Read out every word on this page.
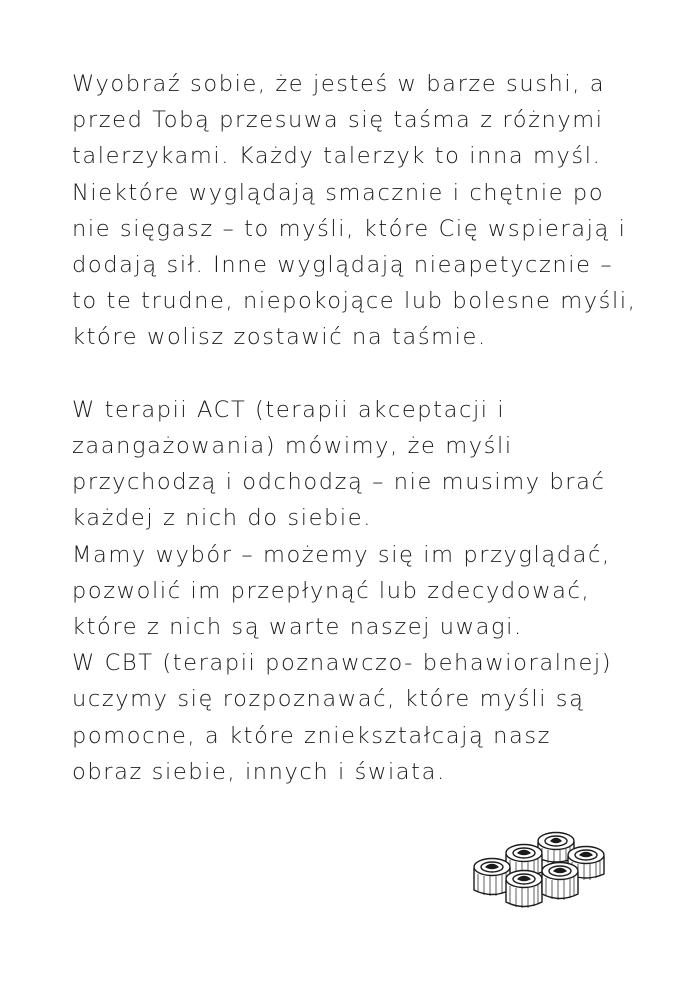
Wyobraź sobie, że jesteś w barze sushi, a
przed Tobą przesuwa się taśma z różnymi
talerzykami. Każdy talerzyk to inna myśl.
Niektóre wyglądają smacznie i chętnie po
nie sięgasz – to myśli, które Cię wspierają i
dodają sił. Inne wyglądają nieapetycznie –
to te trudne, niepokojące lub bolesne myśli,
które wolisz zostawić na taśmie.
W terapii ACT (terapii akceptacji i
zaangażowania) mówimy, że myśli
przychodzą i odchodzą – nie musimy brać
każdej z nich do siebie.
Mamy wybór – możemy się im przyglądać,
pozwolić im przepłynąć lub zdecydować,
które z nich są warte naszej uwagi.
W CBT (terapii poznawczo- behawioralnej)
uczymy się rozpoznawać, które myśli są
pomocne, a które zniekształcają nasz
obraz siebie, innych i świata.
